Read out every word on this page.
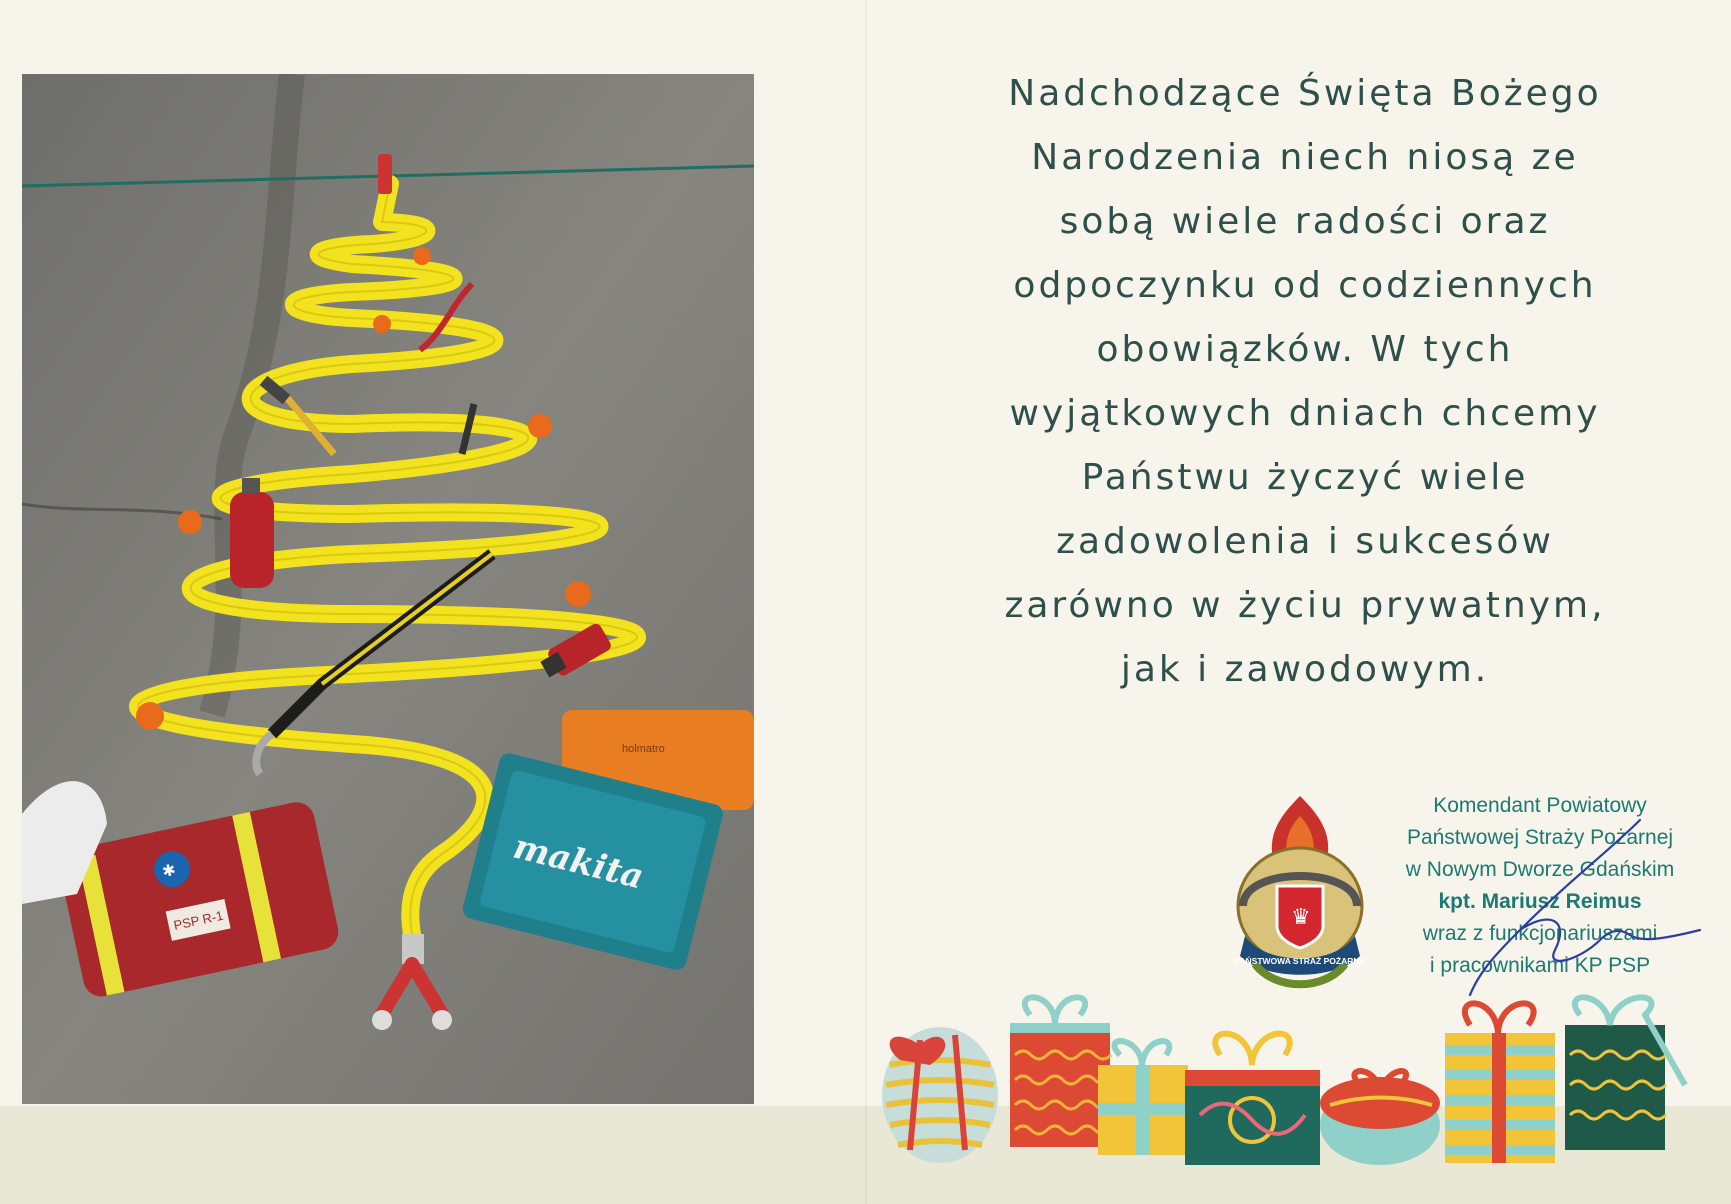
holmatro
makita
✱
PSP R-1
Nadchodzące Święta Bożego
Narodzenia niech niosą ze
sobą wiele radości oraz
odpoczynku od codziennych
obowiązków. W tych
wyjątkowych dniach chcemy
Państwu życzyć wiele
zadowolenia i sukcesów
zarówno w życiu prywatnym,
jak i zawodowym.
♛
PAŃSTWOWA STRAŻ POŻARNA
Komendant Powiatowy
Państwowej Straży Pożarnej
w Nowym Dworze Gdańskim
kpt. Mariusz Reimus
wraz z funkcjonariuszami
i pracownikami KP PSP
